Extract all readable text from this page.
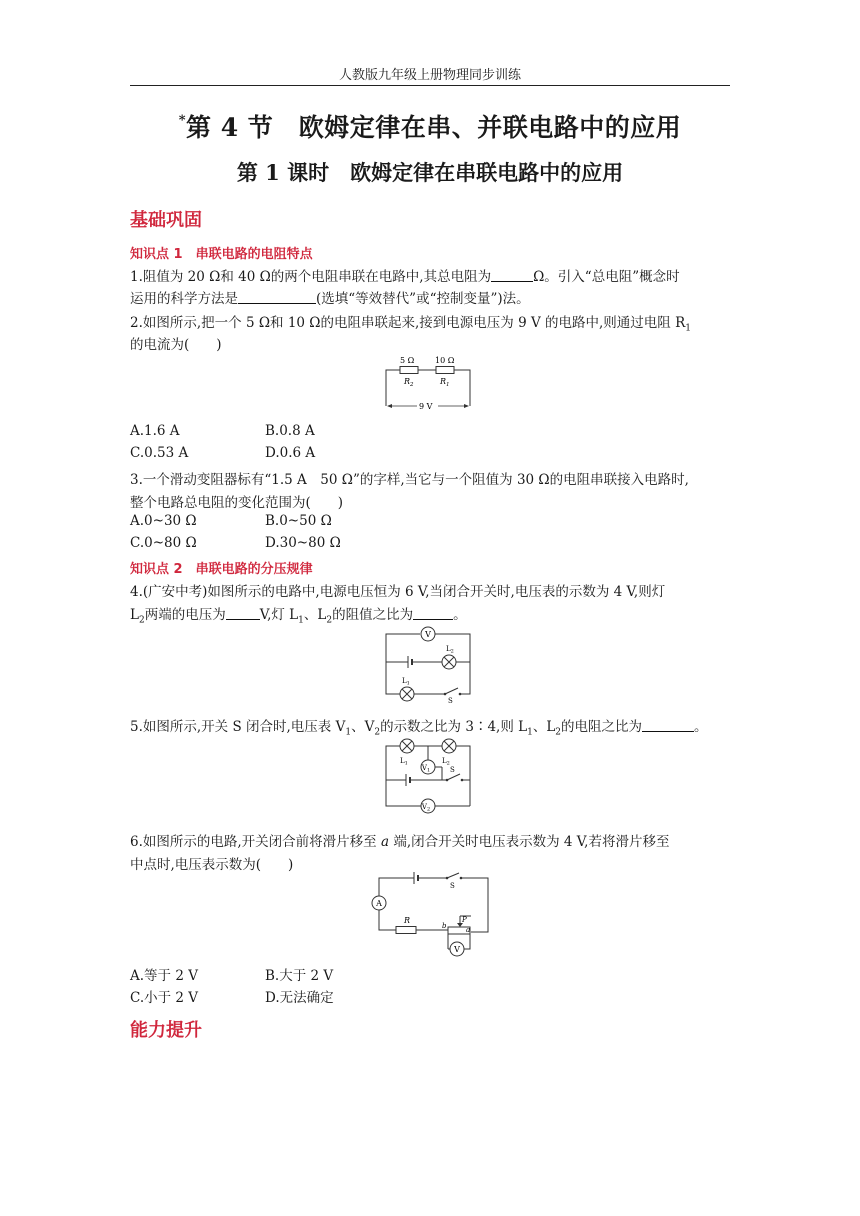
人教版九年级上册物理同步训练
*第 4 节　欧姆定律在串、并联电路中的应用
第 1 课时　欧姆定律在串联电路中的应用
基础巩固
知识点 1　串联电路的电阻特点
1.阻值为 20 Ω和 40 Ω的两个电阻串联在电路中,其总电阻为	Ω。引入“总电阻”概念时
运用的科学方法是	(选填“等效替代”或“控制变量”)法。
2.如图所示,把一个 5 Ω和 10 Ω的电阻串联起来,接到电源电压为 9 V 的电路中,则通过电阻 $R_1$
的电流为(　　)
5 Ω	10 Ω
$R_2$	$R_1$
9 V
A.1.6 A	B.0.8 A
C.0.53 A	D.0.6 A
3.一个滑动变阻器标有“1.5 A　50 Ω”的字样,当它与一个阻值为 30 Ω的电阻串联接入电路时,
整个电路总电阻的变化范围为(　　)
A.0~30 Ω	B.0~50 Ω
C.0~80 Ω	D.30~80 Ω
知识点 2　串联电路的分压规律
4.(广安中考)如图所示的电路中,电源电压恒为 6 V,当闭合开关时,电压表的示数为 4 V,则灯
$L_2$两端的电压为	V,灯 $L_1$、$L_2$的阻值之比为	。
V
$L_2$
$L_1$
S
5.如图所示,开关 S 闭合时,电压表 $V_1$、$V_2$的示数之比为 3∶4,则 $L_1$、$L_2$的电阻之比为	。
$L_1$	$L_2$
$V_1$	S
$V_2$
6.如图所示的电路,开关闭合前将滑片移至 a 端,闭合开关时电压表示数为 4 V,若将滑片移至
中点时,电压表示数为(　　)
S
A
R	P
a
b
V
A.等于 2 V	B.大于 2 V
C.小于 2 V	D.无法确定
能力提升
